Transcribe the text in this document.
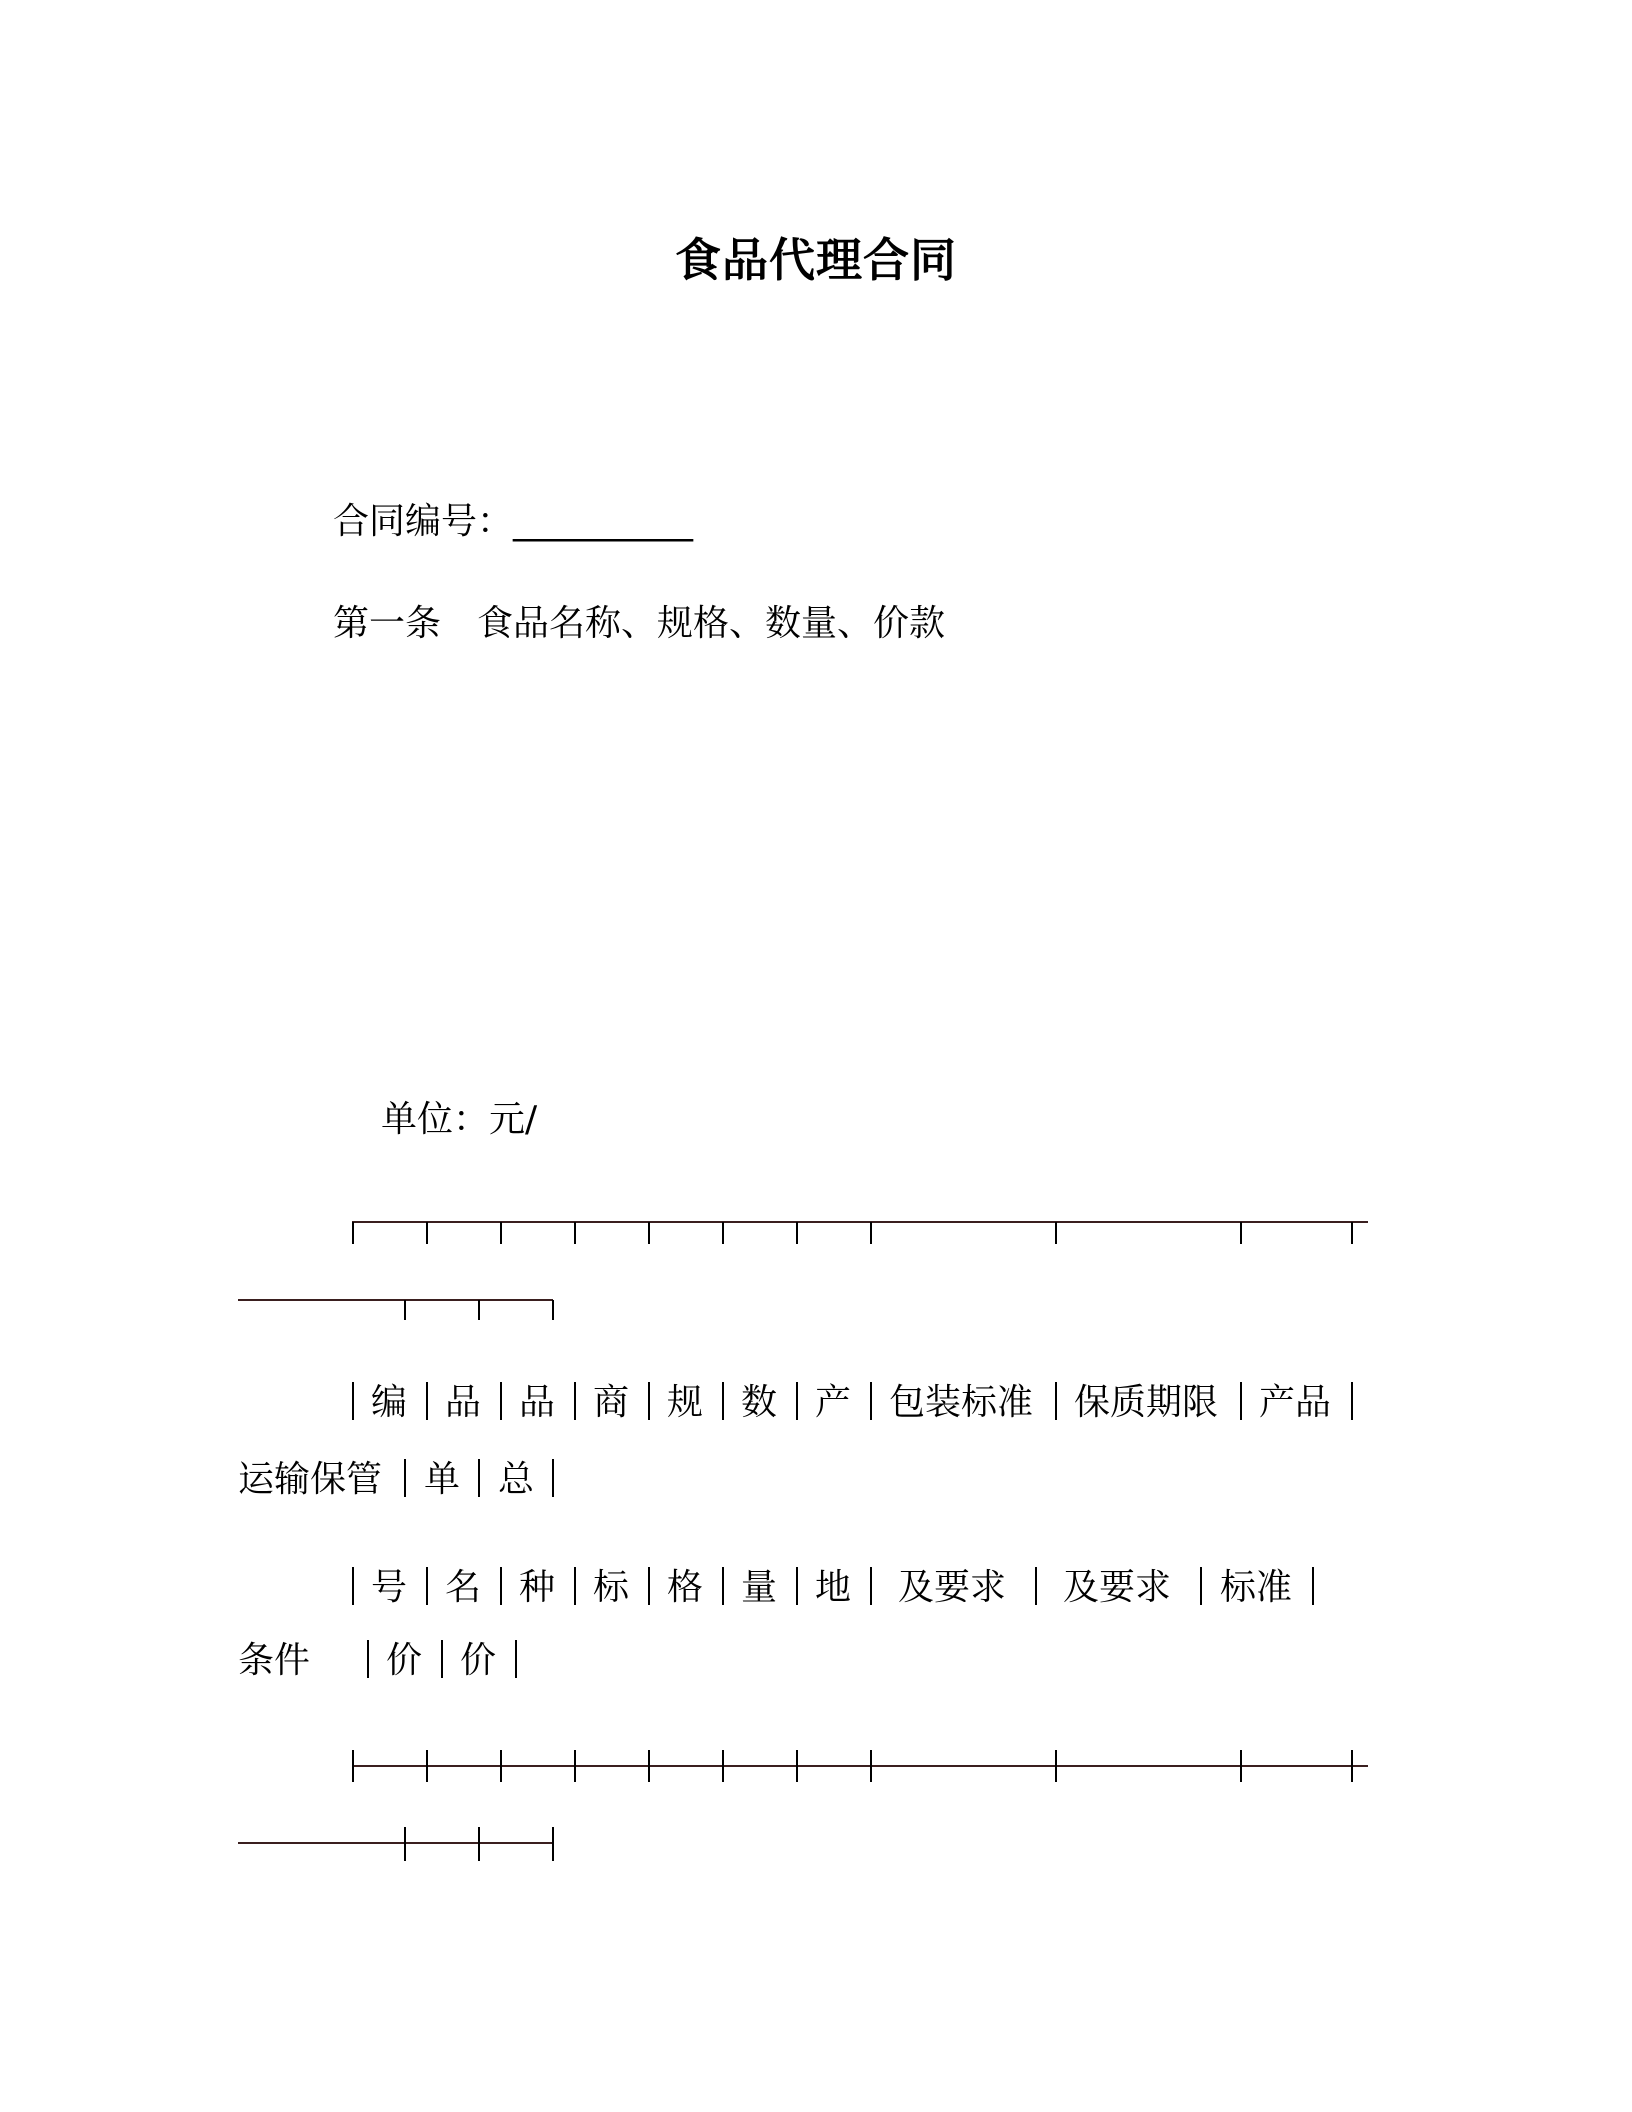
食品代理合同
合同编号：__________
第一条　食品名称、规格、数量、价款
单位：元/
编 品 品 商 规 数 产 包装标准 保质期限 产品
运输保管 单 总
号 名 种 标 格 量 地 及要求 及要求 标准
条件 价 价
